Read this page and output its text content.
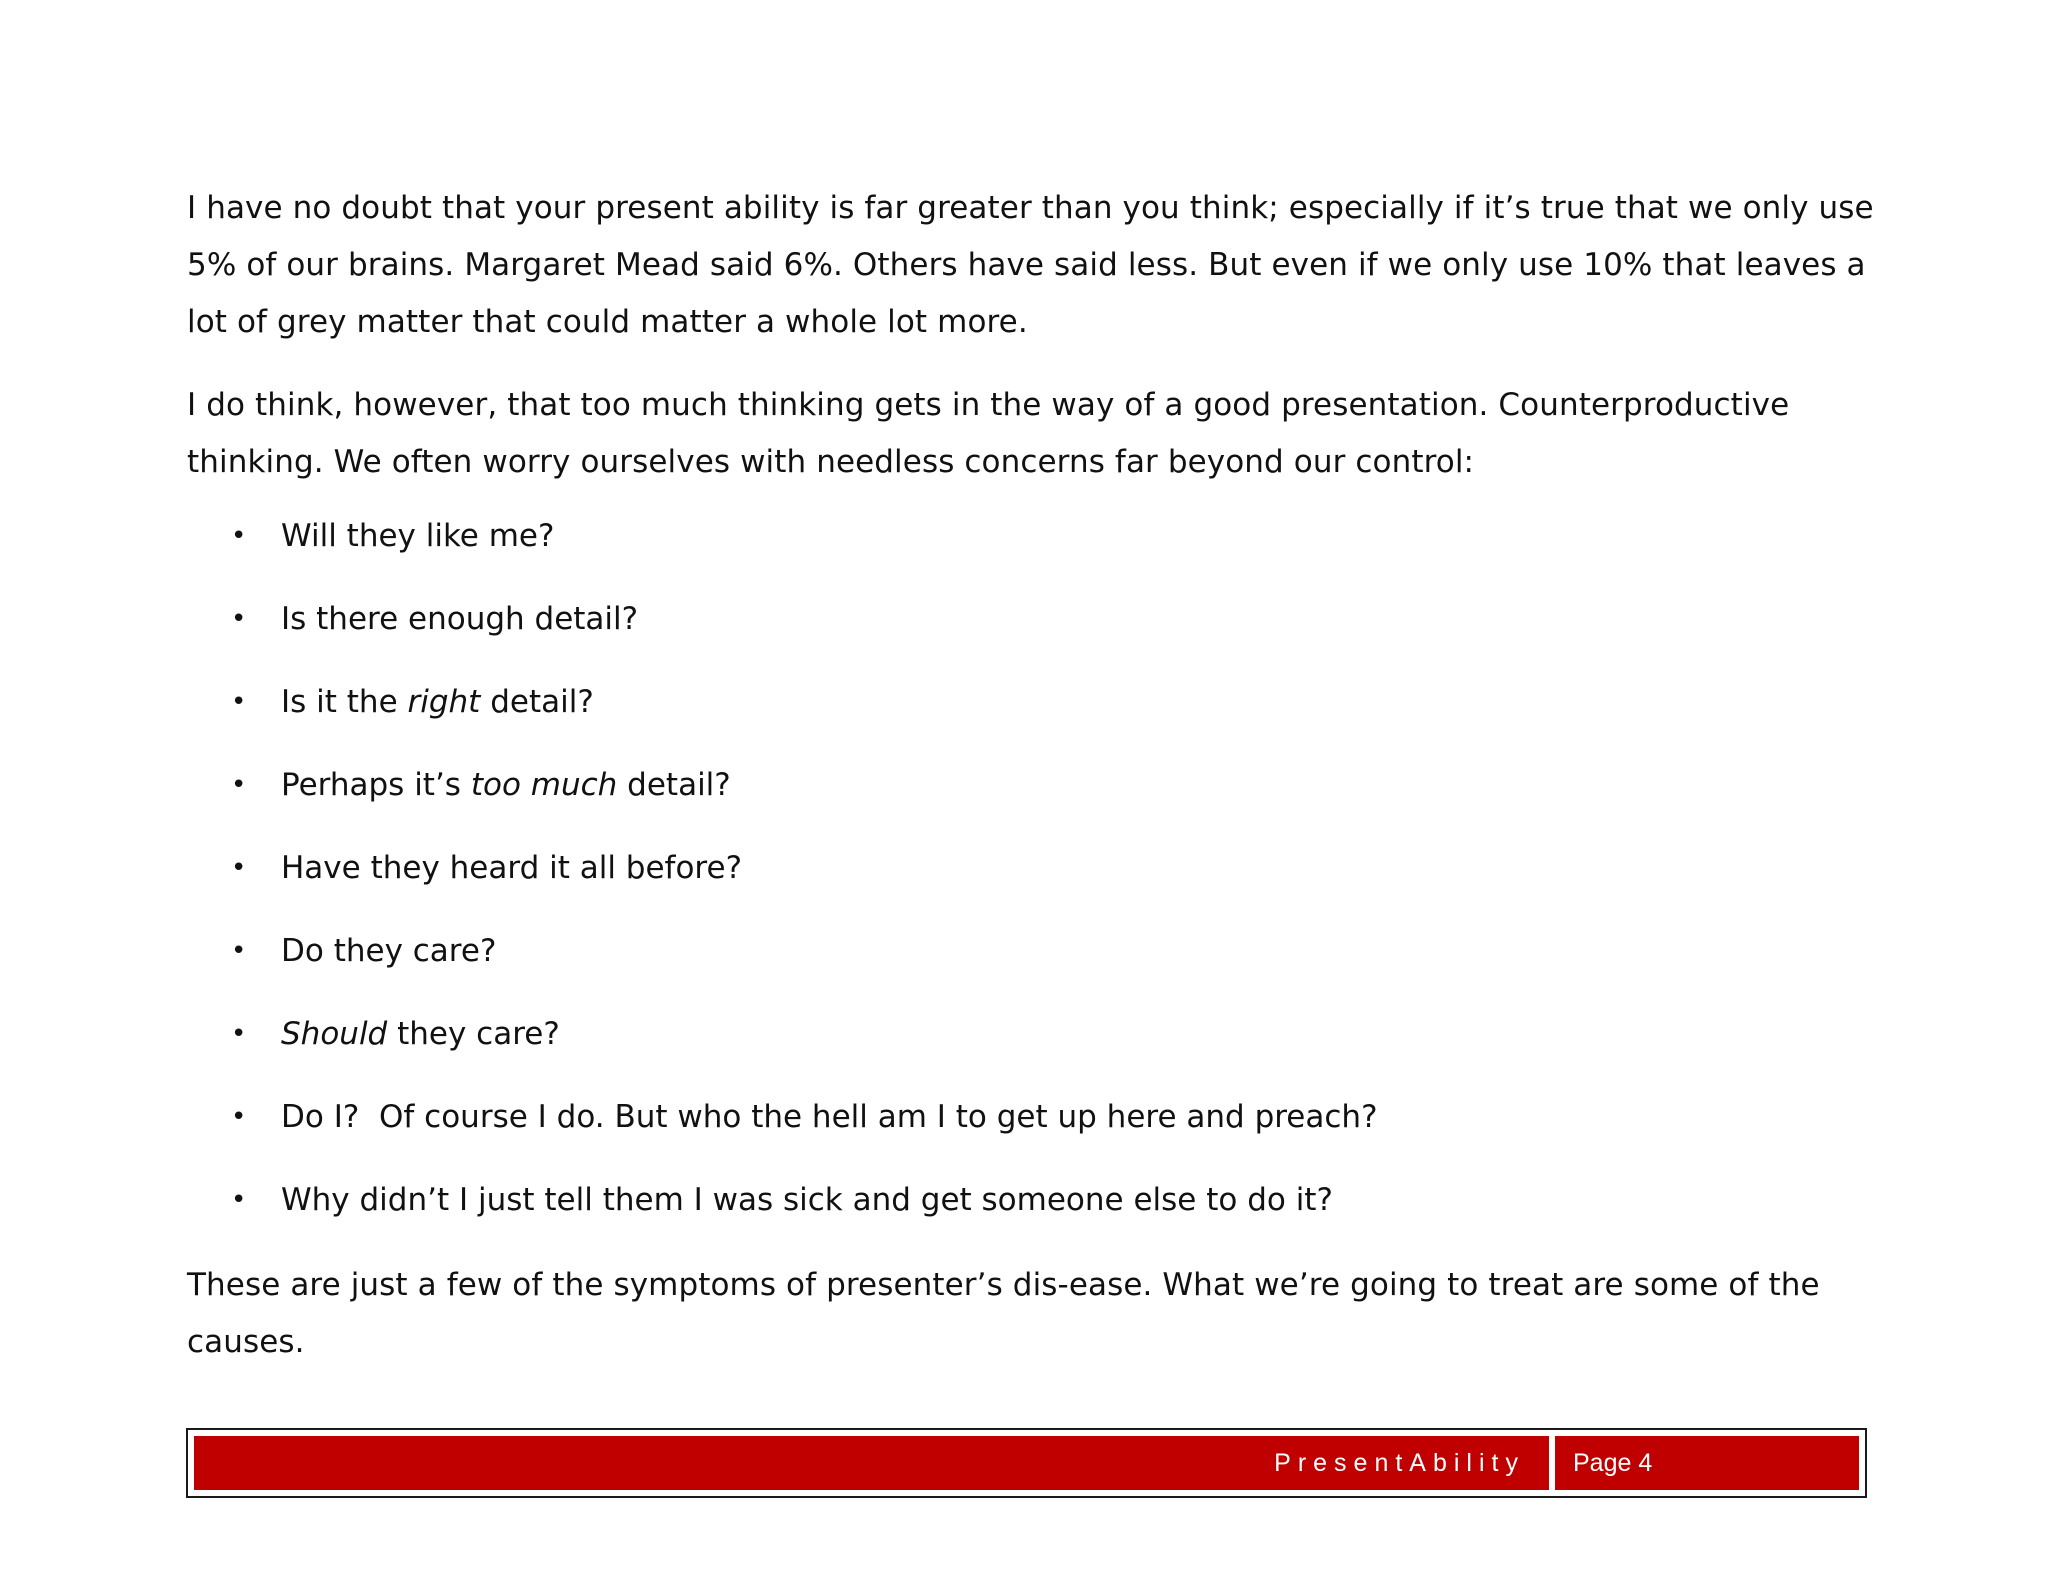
I have no doubt that your present ability is far greater than you think; especially if it’s true that we only use 5% of our brains. Margaret Mead said 6%. Others have said less. But even if we only use 10% that leaves a lot of grey matter that could matter a whole lot more.

I do think, however, that too much thinking gets in the way of a good presentation. Counterproductive thinking. We often worry ourselves with needless concerns far beyond our control:

• Will they like me?
• Is there enough detail?
• Is it the right detail?
• Perhaps it’s too much detail?
• Have they heard it all before?
• Do they care?
• Should they care?
• Do I?  Of course I do. But who the hell am I to get up here and preach?
• Why didn’t I just tell them I was sick and get someone else to do it?

These are just a few of the symptoms of presenter’s dis-ease. What we’re going to treat are some of the causes.

PresentAbility Page 4
